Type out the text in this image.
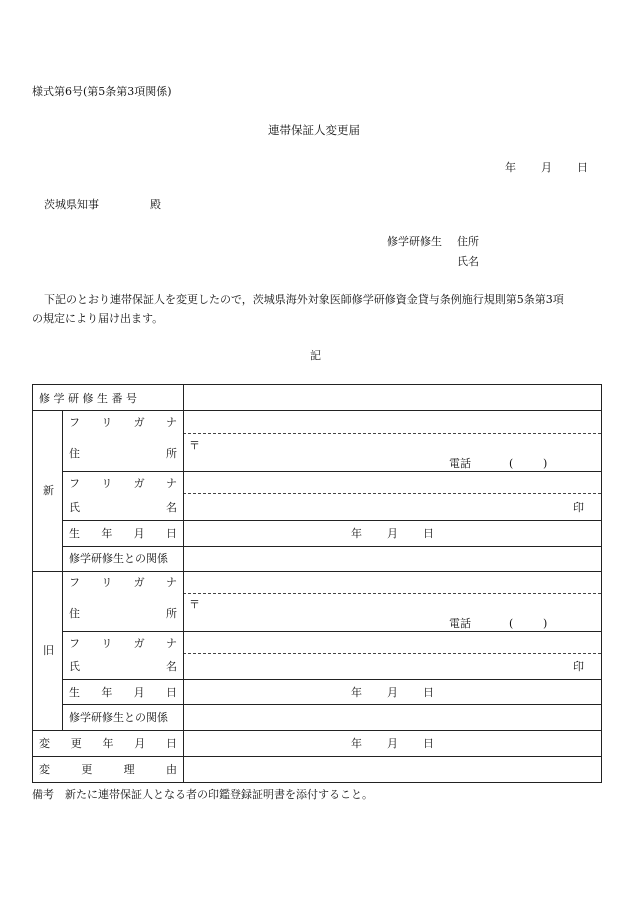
様式第6号(第5条第3項関係)
連帯保証人変更届
年 月 日
茨城県知事	殿
修学研修生 住所
氏名
下記のとおり連帯保証人を変更したので，茨城県海外対象医師修学研修資金貸与条例施行規則第5条第3項
の規定により届け出ます。
記
修 学 研 修 生 番 号
新
フ リ ガ ナ
住	所
〒
電話	(	)
フ リ ガ ナ
氏	名	印
生 年 月 日	年 月 日
修学研修生との関係
旧
フ リ ガ ナ
住	所
〒
電話	(	)
フ リ ガ ナ
氏	名	印
生 年 月 日	年 月 日
修学研修生との関係
変 更 年 月 日	年 月 日
変	更	理	由
備考　新たに連帯保証人となる者の印鑑登録証明書を添付すること。
